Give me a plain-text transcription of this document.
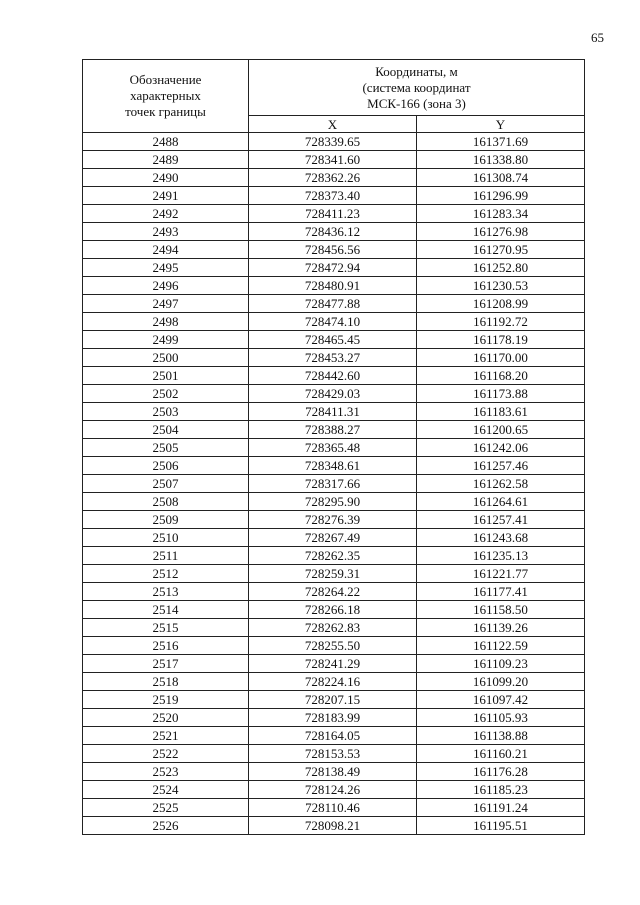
65
Обозначение
характерных
точек границы	Координаты, м
(система координат
МСК-166 (зона 3)	

	X	Y
2488	728339.65	161371.69
2489	728341.60	161338.80
2490	728362.26	161308.74
2491	728373.40	161296.99
2492	728411.23	161283.34
2493	728436.12	161276.98
2494	728456.56	161270.95
2495	728472.94	161252.80
2496	728480.91	161230.53
2497	728477.88	161208.99
2498	728474.10	161192.72
2499	728465.45	161178.19
2500	728453.27	161170.00
2501	728442.60	161168.20
2502	728429.03	161173.88
2503	728411.31	161183.61
2504	728388.27	161200.65
2505	728365.48	161242.06
2506	728348.61	161257.46
2507	728317.66	161262.58
2508	728295.90	161264.61
2509	728276.39	161257.41
2510	728267.49	161243.68
2511	728262.35	161235.13
2512	728259.31	161221.77
2513	728264.22	161177.41
2514	728266.18	161158.50
2515	728262.83	161139.26
2516	728255.50	161122.59
2517	728241.29	161109.23
2518	728224.16	161099.20
2519	728207.15	161097.42
2520	728183.99	161105.93
2521	728164.05	161138.88
2522	728153.53	161160.21
2523	728138.49	161176.28
2524	728124.26	161185.23
2525	728110.46	161191.24
2526	728098.21	161195.51
